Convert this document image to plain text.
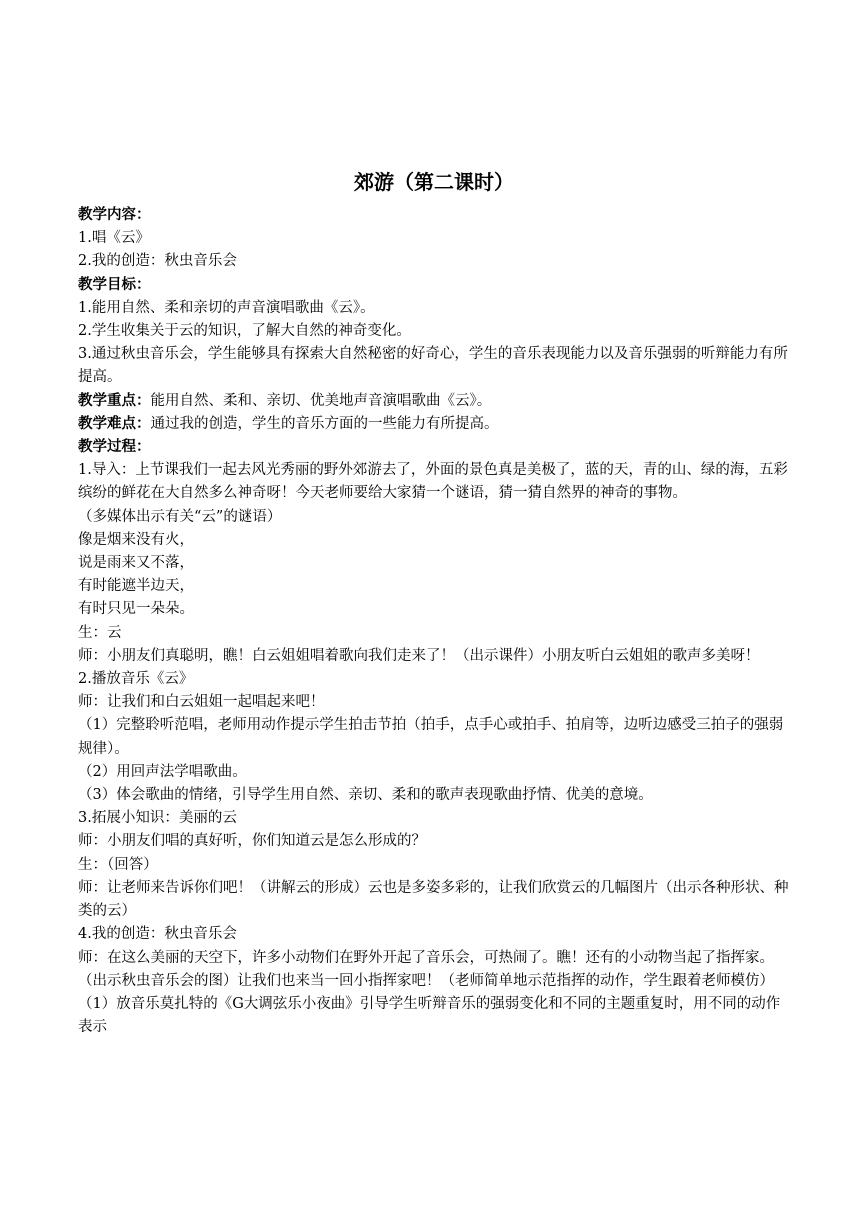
郊游（第二课时）
教学内容：
1.唱《云》
2.我的创造：秋虫音乐会
教学目标：
1.能用自然、柔和亲切的声音演唱歌曲《云》。
2.学生收集关于云的知识，了解大自然的神奇变化。
3.通过秋虫音乐会，学生能够具有探索大自然秘密的好奇心，学生的音乐表现能力以及音乐强弱的听辩能力有所提高。
教学重点：能用自然、柔和、亲切、优美地声音演唱歌曲《云》。
教学难点：通过我的创造，学生的音乐方面的一些能力有所提高。
教学过程：
1.导入：上节课我们一起去风光秀丽的野外郊游去了，外面的景色真是美极了，蓝的天，青的山、绿的海，五彩缤纷的鲜花在大自然多么神奇呀！今天老师要给大家猜一个谜语，猜一猜自然界的神奇的事物。
（多媒体出示有关“云”的谜语）
像是烟来没有火，
说是雨来又不落，
有时能遮半边天，
有时只见一朵朵。
生：云
师：小朋友们真聪明，瞧！白云姐姐唱着歌向我们走来了！（出示课件）小朋友听白云姐姐的歌声多美呀！
2.播放音乐《云》
师：让我们和白云姐姐一起唱起来吧！
（1）完整聆听范唱，老师用动作提示学生拍击节拍（拍手，点手心或拍手、拍肩等，边听边感受三拍子的强弱规律）。
（2）用回声法学唱歌曲。
（3）体会歌曲的情绪，引导学生用自然、亲切、柔和的歌声表现歌曲抒情、优美的意境。
3.拓展小知识：美丽的云
师：小朋友们唱的真好听，你们知道云是怎么形成的？
生：（回答）
师：让老师来告诉你们吧！（讲解云的形成）云也是多姿多彩的，让我们欣赏云的几幅图片（出示各种形状、种类的云）
4.我的创造：秋虫音乐会
师：在这么美丽的天空下，许多小动物们在野外开起了音乐会，可热闹了。瞧！还有的小动物当起了指挥家。（出示秋虫音乐会的图）让我们也来当一回小指挥家吧！（老师简单地示范指挥的动作，学生跟着老师模仿）
（1）放音乐莫扎特的《G大调弦乐小夜曲》引导学生听辩音乐的强弱变化和不同的主题重复时，用不同的动作表示
